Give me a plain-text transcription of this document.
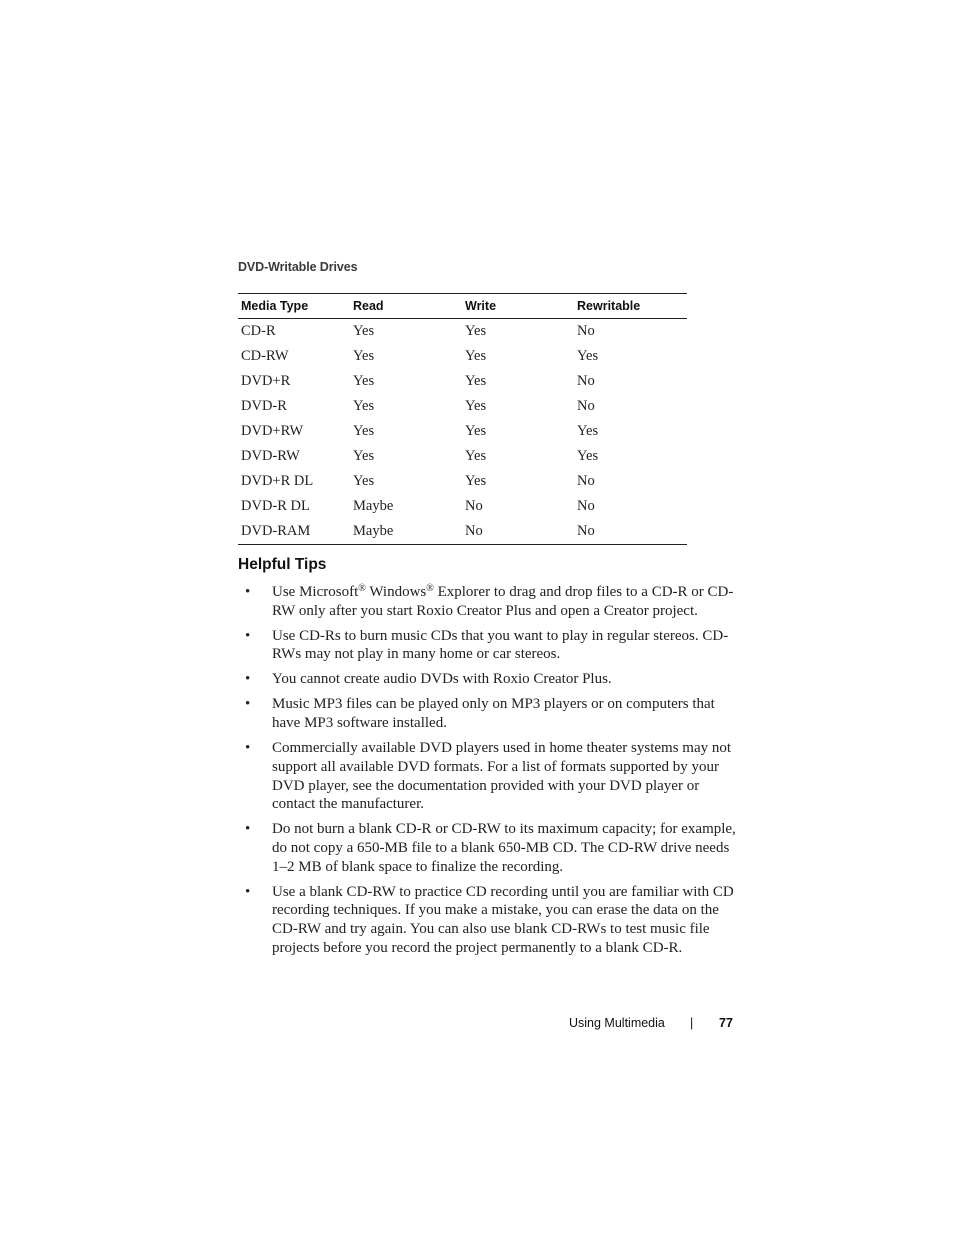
DVD-Writable Drives
Media Type	Read	Write	Rewritable
CD-R	Yes	Yes	No
CD-RW	Yes	Yes	Yes
DVD+R	Yes	Yes	No
DVD-R	Yes	Yes	No
DVD+RW	Yes	Yes	Yes
DVD-RW	Yes	Yes	Yes
DVD+R DL	Yes	Yes	No
DVD-R DL	Maybe	No	No
DVD-RAM	Maybe	No	No
Helpful Tips
• Use Microsoft® Windows® Explorer to drag and drop files to a CD-R or CD-RW only after you start Roxio Creator Plus and open a Creator project.
• Use CD-Rs to burn music CDs that you want to play in regular stereos. CD-RWs may not play in many home or car stereos.
• You cannot create audio DVDs with Roxio Creator Plus.
• Music MP3 files can be played only on MP3 players or on computers that have MP3 software installed.
• Commercially available DVD players used in home theater systems may not support all available DVD formats. For a list of formats supported by your DVD player, see the documentation provided with your DVD player or contact the manufacturer.
• Do not burn a blank CD-R or CD-RW to its maximum capacity; for example, do not copy a 650-MB file to a blank 650-MB CD. The CD-RW drive needs 1–2 MB of blank space to finalize the recording.
• Use a blank CD-RW to practice CD recording until you are familiar with CD recording techniques. If you make a mistake, you can erase the data on the CD-RW and try again. You can also use blank CD-RWs to test music file projects before you record the project permanently to a blank CD-R.
Using Multimedia | 77
